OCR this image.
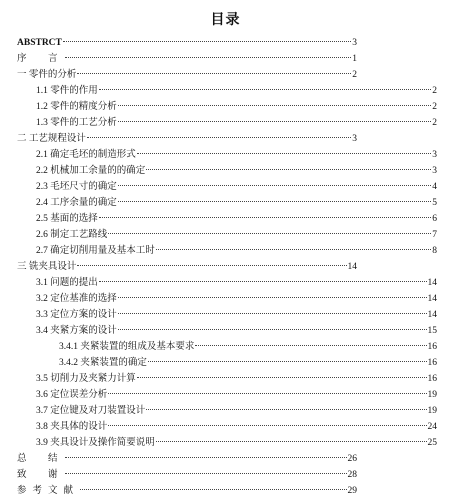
目录
ABSTRCT	3
序　言	1
一 零件的分析	2
1.1 零件的作用	2
1.2 零件的精度分析	2
1.3 零件的工艺分析	2
二 工艺规程设计	3
2.1 确定毛坯的制造形式	3
2.2 机械加工余量的的确定	3
2.3 毛坯尺寸的确定	4
2.4 工序余量的确定	5
2.5 基面的选择	6
2.6 制定工艺路线	7
2.7 确定切削用量及基本工时	8
三 铣夹具设计	14
3.1 问题的提出	14
3.2 定位基准的选择	14
3.3 定位方案的设计	14
3.4 夹紧方案的设计	15
3.4.1 夹紧装置的组成及基本要求	16
3.4.2 夹紧装置的确定	16
3.5 切削力及夹紧力计算	16
3.6 定位误差分析	19
3.7 定位键及对刀装置设计	19
3.8 夹具体的设计	24
3.9 夹具设计及操作简要说明	25
总　结	26
致　谢	28
参考文献	29
